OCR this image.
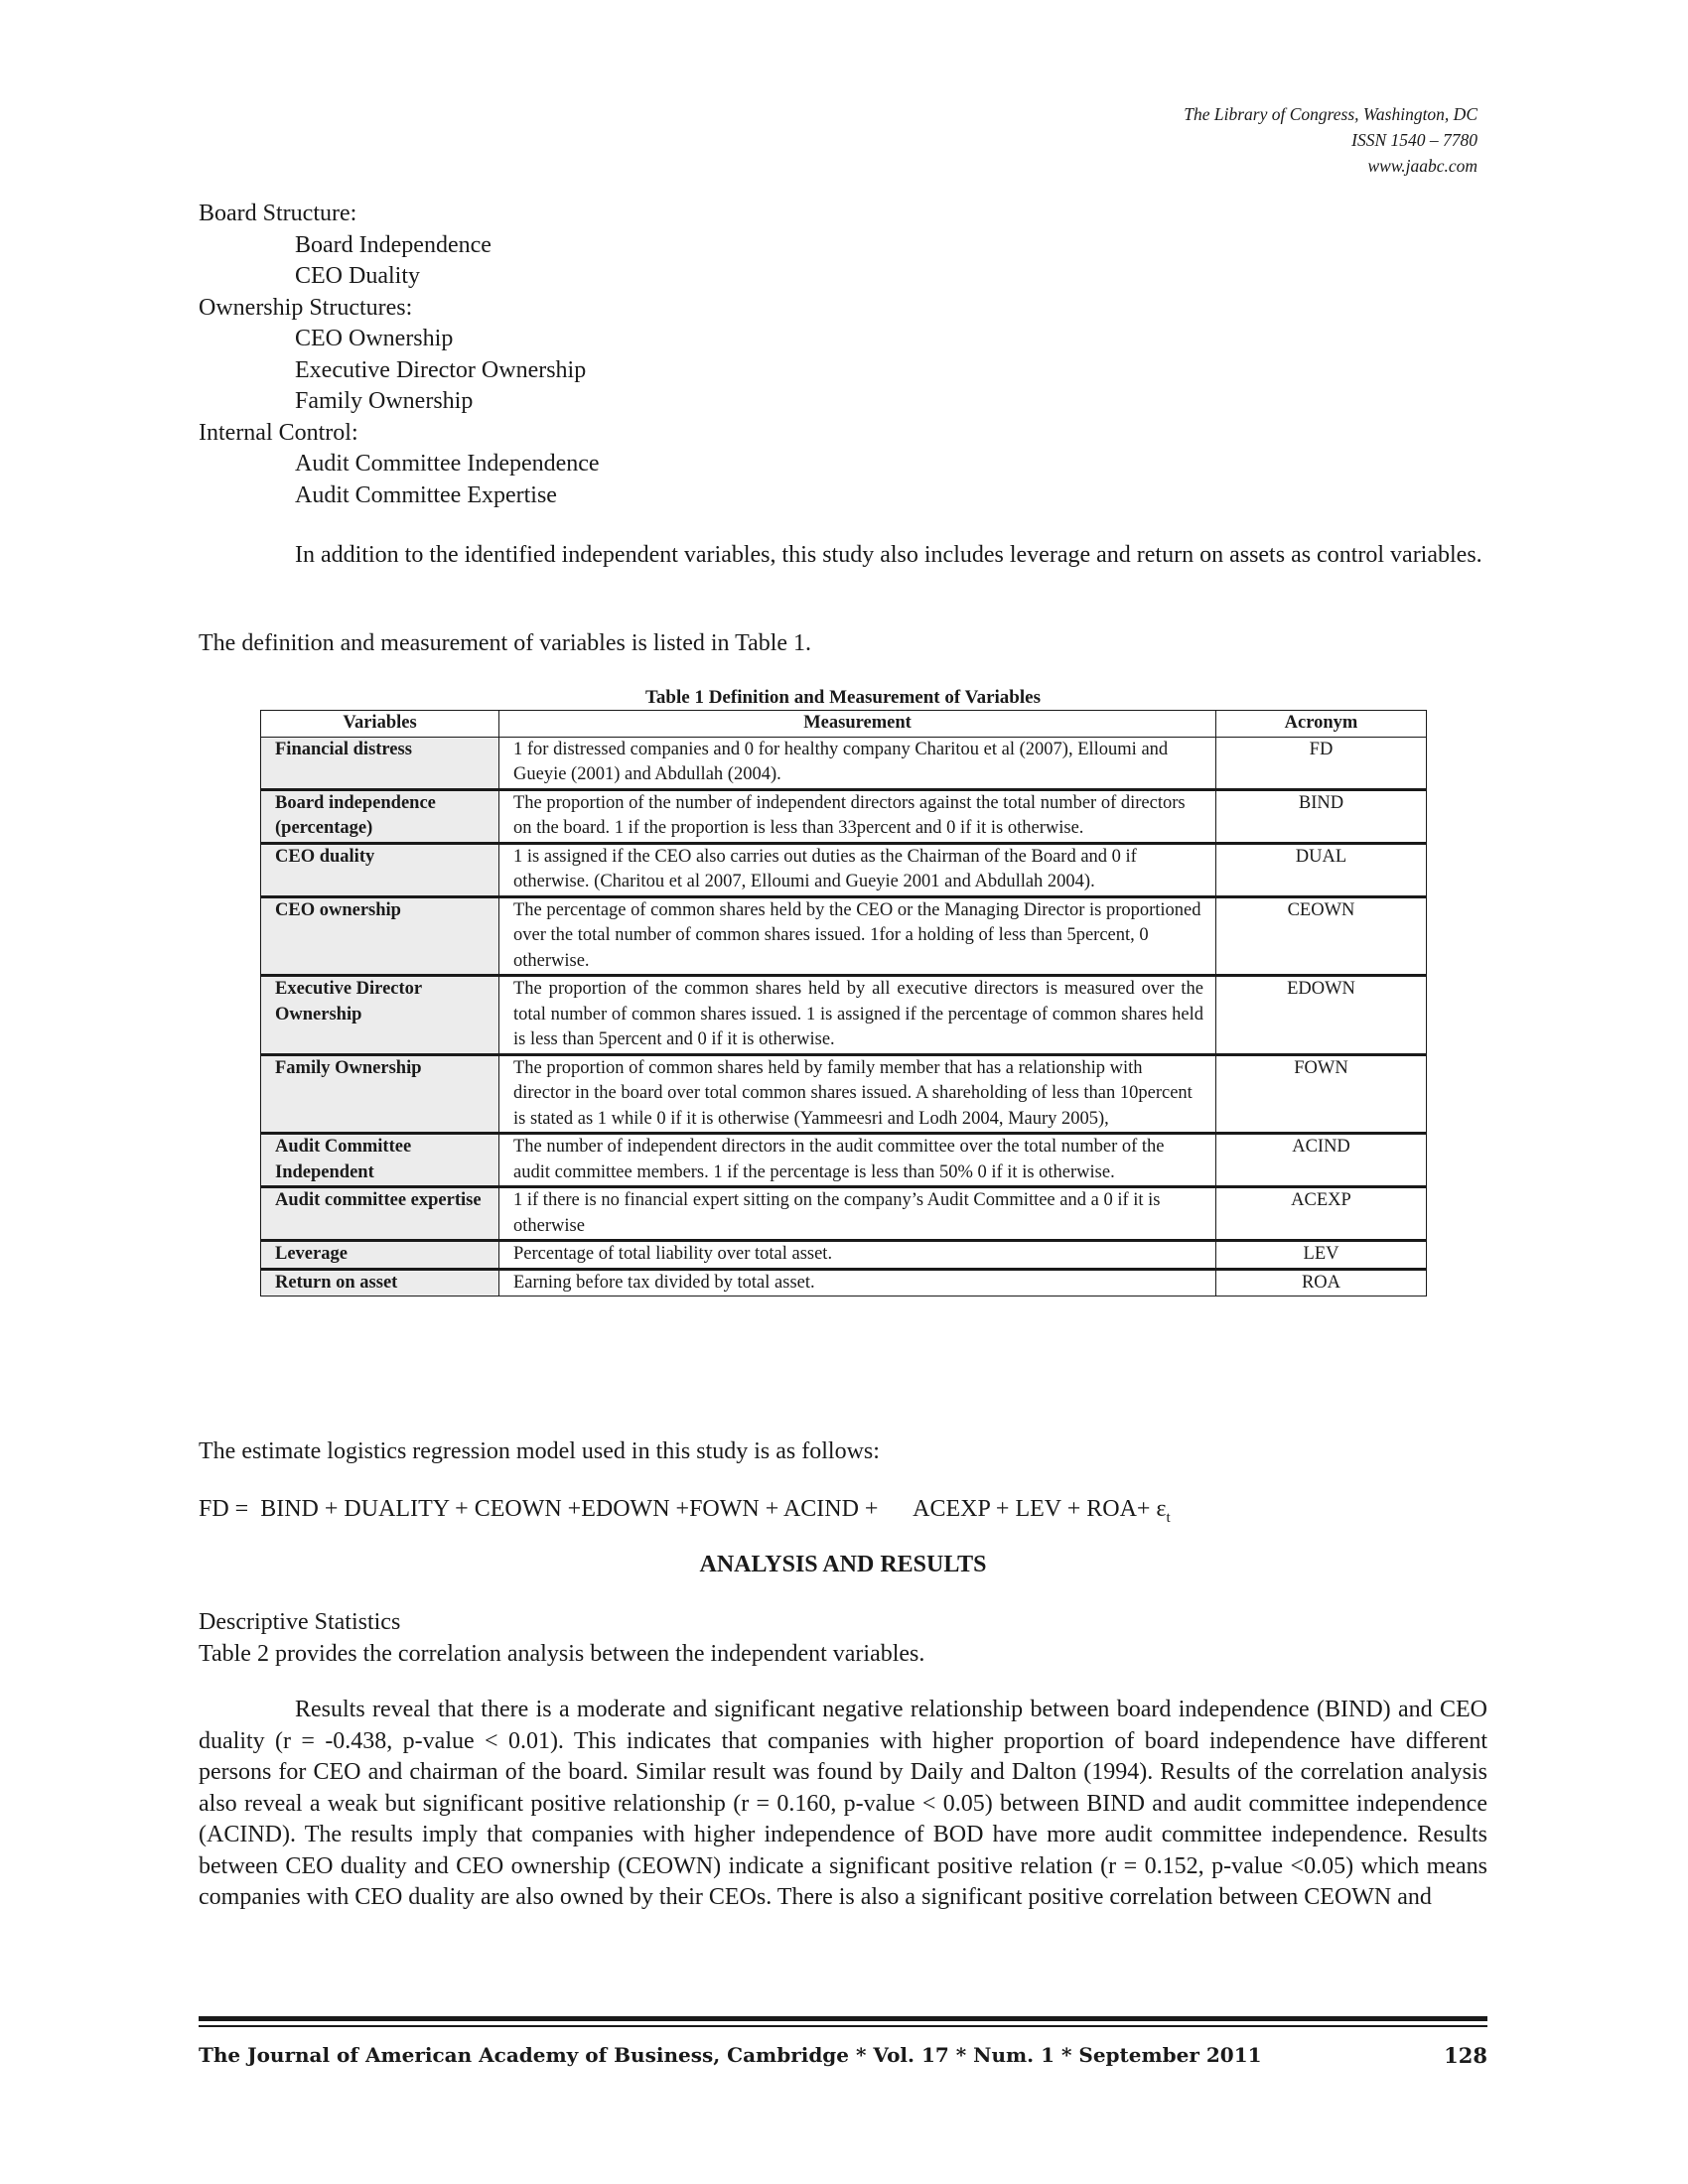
The Library of Congress, Washington, DC
ISSN 1540 – 7780
www.jaabc.com
Board Structure:
Board Independence
CEO Duality
Ownership Structures:
CEO Ownership
Executive Director Ownership
Family Ownership
Internal Control:
Audit Committee Independence
Audit Committee Expertise
In addition to the identified independent variables, this study also includes leverage and return on assets as control variables.
The definition and measurement of variables is listed in Table 1.
Table 1 Definition and Measurement of Variables
Variables	Measurement	Acronym
Financial distress	1 for distressed companies and 0 for healthy company Charitou et al (2007), Elloumi and Gueyie (2001) and Abdullah (2004).	FD
Board independence (percentage)	The proportion of the number of independent directors against the total number of directors on the board. 1 if the proportion is less than 33percent and 0 if it is otherwise.	BIND
CEO duality	1 is assigned if the CEO also carries out duties as the Chairman of the Board and 0 if otherwise. (Charitou et al 2007, Elloumi and Gueyie 2001 and Abdullah 2004).	DUAL
CEO ownership	The percentage of common shares held by the CEO or the Managing Director is proportioned over the total number of common shares issued. 1for a holding of less than 5percent, 0 otherwise.	CEOWN
Executive Director Ownership	The proportion of the common shares held by all executive directors is measured over the total number of common shares issued. 1 is assigned if the percentage of common shares held is less than 5percent and 0 if it is otherwise.	EDOWN
Family Ownership	The proportion of common shares held by family member that has a relationship with director in the board over total common shares issued. A shareholding of less than 10percent is stated as 1 while 0 if it is otherwise (Yammeesri and Lodh 2004, Maury 2005),	FOWN
Audit Committee Independent	The number of independent directors in the audit committee over the total number of the audit committee members. 1 if the percentage is less than 50% 0 if it is otherwise.	ACIND
Audit committee expertise	1 if there is no financial expert sitting on the company’s Audit Committee and a 0 if it is otherwise	ACEXP
Leverage	Percentage of total liability over total asset.	LEV
Return on asset	Earning before tax divided by total asset.	ROA
The estimate logistics regression model used in this study is as follows:
FD =  BIND + DUALITY + CEOWN +EDOWN +FOWN + ACIND +      ACEXP + LEV + $ROA+ \varepsilon_t$
ANALYSIS AND RESULTS
Descriptive Statistics
Table 2 provides the correlation analysis between the independent variables.
Results reveal that there is a moderate and significant negative relationship between board independence (BIND) and CEO duality (r = -0.438, p-value < 0.01). This indicates that companies with higher proportion of board independence have different persons for CEO and chairman of the board. Similar result was found by Daily and Dalton (1994). Results of the correlation analysis also reveal a weak but significant positive relationship (r = 0.160, p-value < 0.05) between BIND and audit committee independence (ACIND). The results imply that companies with higher independence of BOD have more audit committee independence. Results between CEO duality and CEO ownership (CEOWN) indicate a significant positive relation (r = 0.152, p-value <0.05) which means companies with CEO duality are also owned by their CEOs. There is also a significant positive correlation between CEOWN and
The Journal of American Academy of Business, Cambridge * Vol. 17 * Num. 1 * September 2011	128
